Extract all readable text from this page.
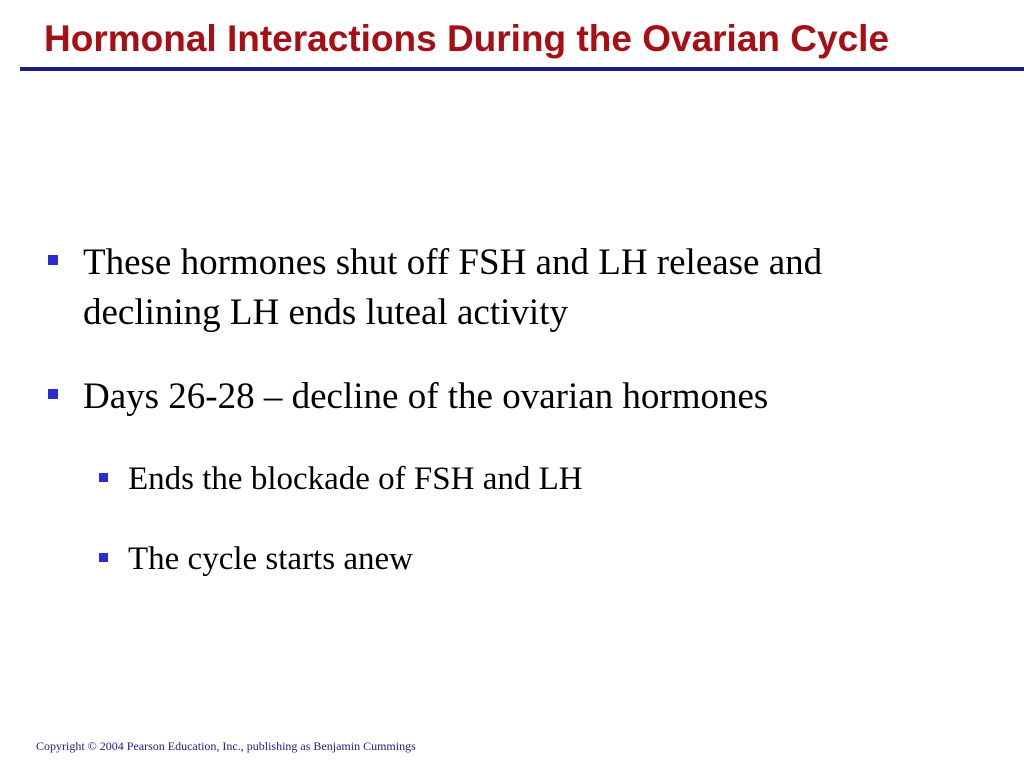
Hormonal Interactions During the Ovarian Cycle
These hormones shut off FSH and LH release and declining LH ends luteal activity
Days 26-28 – decline of the ovarian hormones
Ends the blockade of FSH and LH
The cycle starts anew
Copyright © 2004 Pearson Education, Inc., publishing as Benjamin Cummings
